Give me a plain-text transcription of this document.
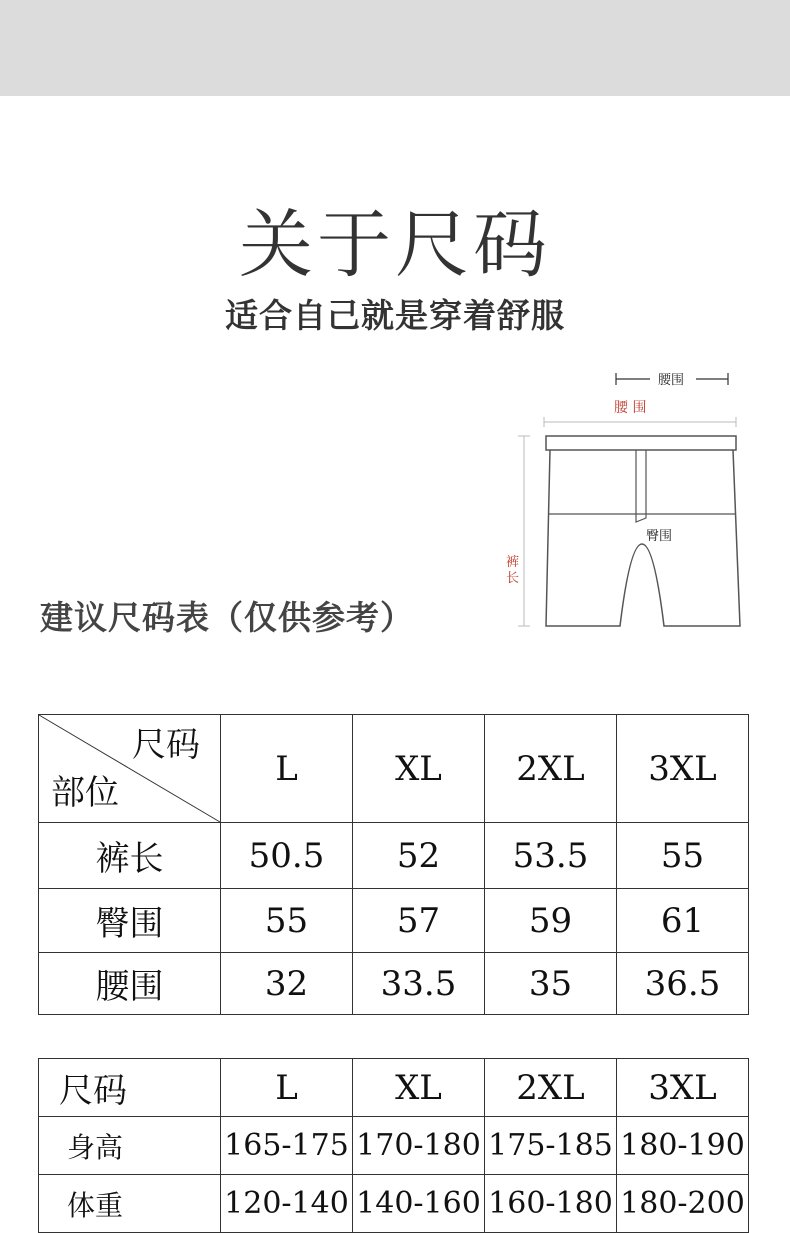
关于尺码
适合自己就是穿着舒服
建议尺码表（仅供参考）
腰围
腰 围
裤
长
臀围
尺码
部位	L	XL	2XL	3XL
裤长	50.5	52	53.5	55
臀围	55	57	59	61
腰围	32	33.5	35	36.5
尺码	L	XL	2XL	3XL
身高	165-175	170-180	175-185	180-190
体重	120-140	140-160	160-180	180-200
